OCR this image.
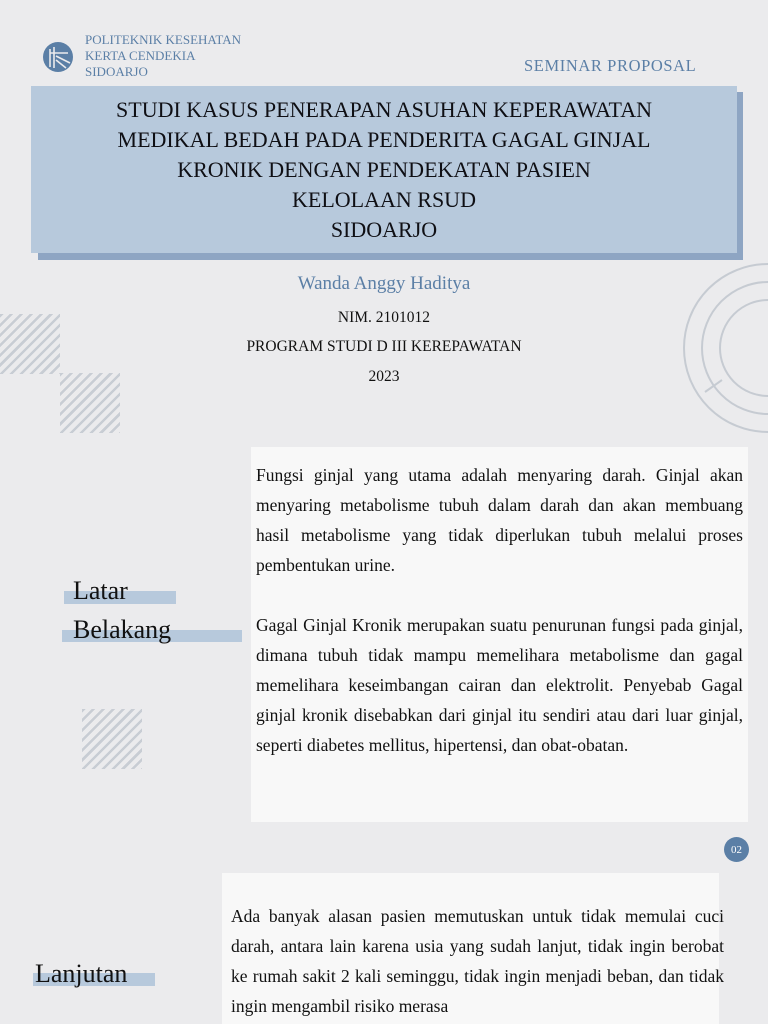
POLITEKNIK KESEHATAN
KERTA CENDEKIA
SIDOARJO	SEMINAR PROPOSAL
STUDI KASUS PENERAPAN ASUHAN KEPERAWATAN
MEDIKAL BEDAH PADA PENDERITA GAGAL GINJAL
KRONIK DENGAN PENDEKATAN PASIEN
KELOLAAN RSUD
SIDOARJO
Wanda Anggy Haditya
NIM. 2101012
PROGRAM STUDI D III KEREPAWATAN
2023
Fungsi ginjal yang utama adalah menyaring darah. Ginjal akan menyaring metabolisme tubuh dalam darah dan akan membuang hasil metabolisme yang tidak diperlukan tubuh melalui proses pembentukan urine.
Gagal Ginjal Kronik merupakan suatu penurunan fungsi pada ginjal, dimana tubuh tidak mampu memelihara metabolisme dan gagal memelihara keseimbangan cairan dan elektrolit. Penyebab Gagal ginjal kronik disebabkan dari ginjal itu sendiri atau dari luar ginjal, seperti diabetes mellitus, hipertensi, dan obat-obatan.
Latar
Belakang
02
Ada banyak alasan pasien memutuskan untuk tidak memulai cuci darah, antara lain karena usia yang sudah lanjut, tidak ingin berobat ke rumah sakit 2 kali seminggu, tidak ingin menjadi beban, dan tidak ingin mengambil risiko merasa
Lanjutan
